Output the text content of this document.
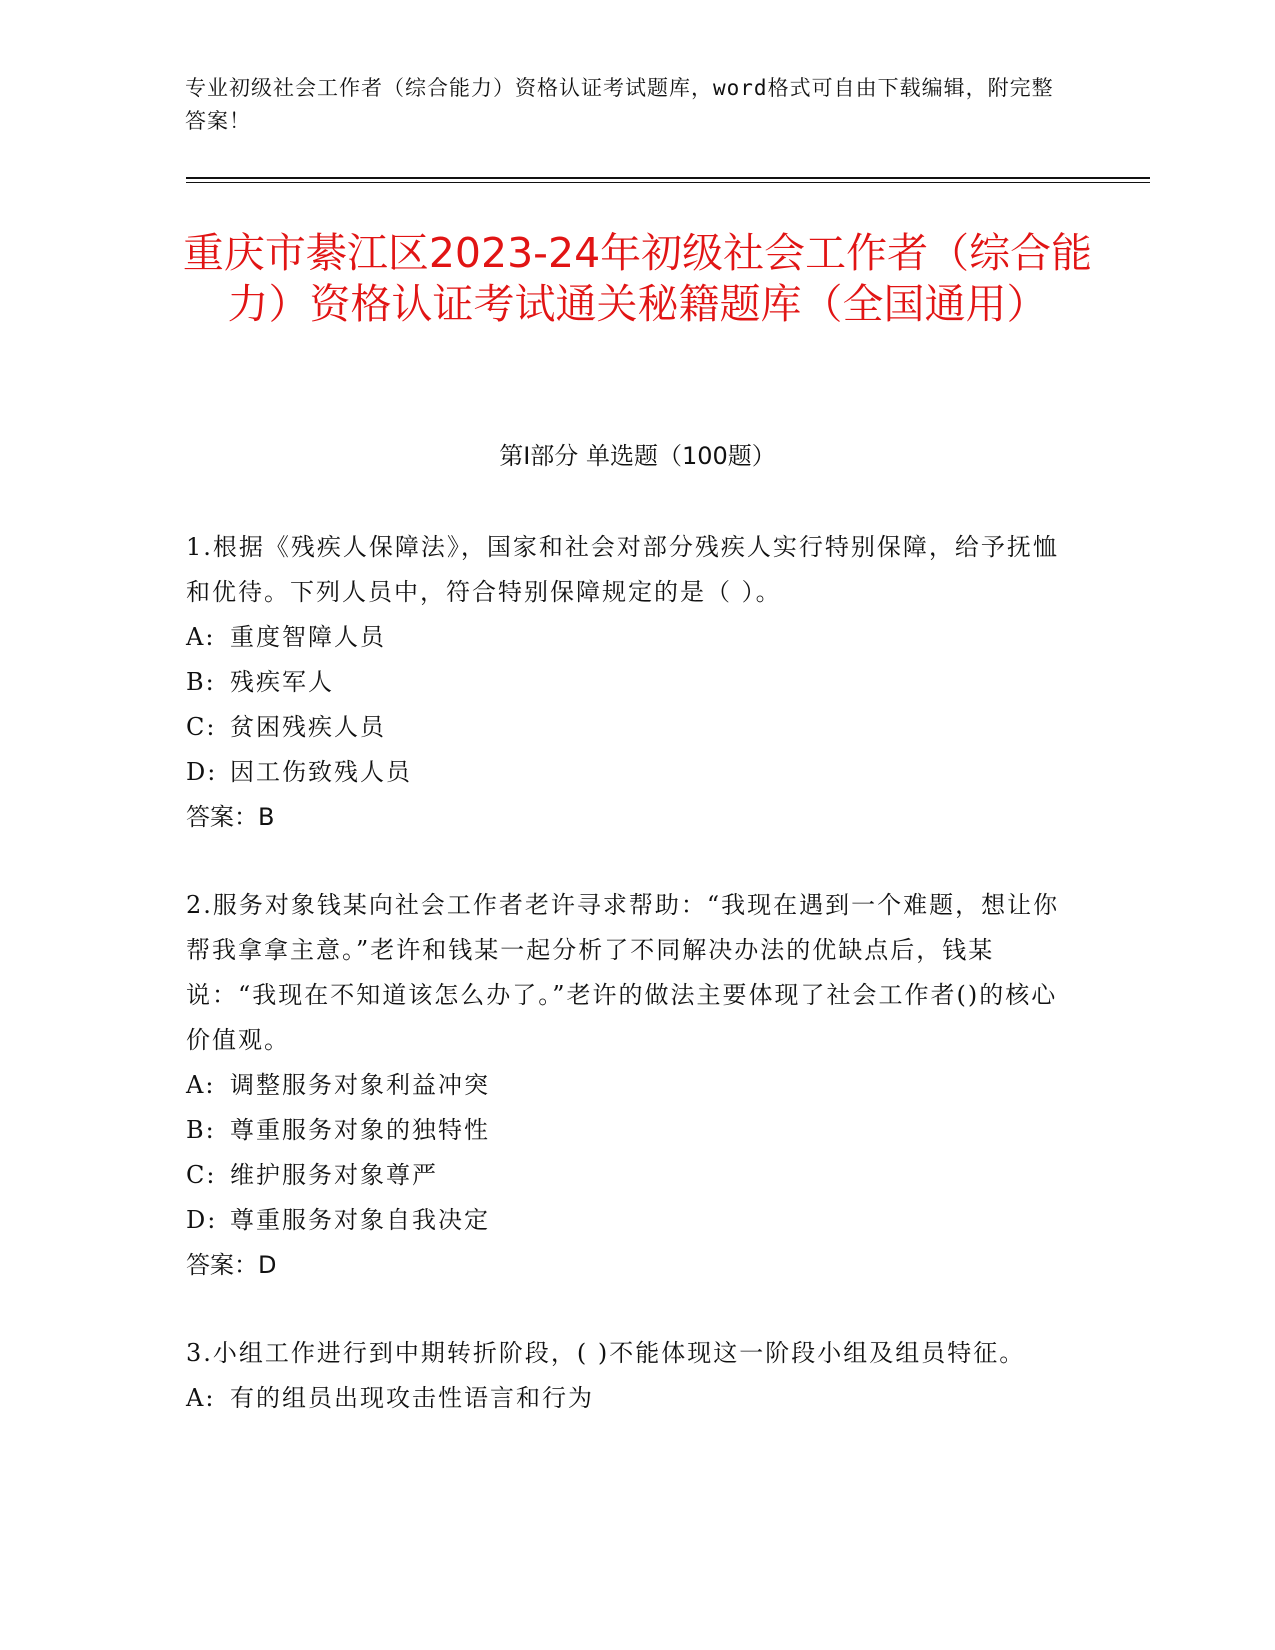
专业初级社会工作者（综合能力）资格认证考试题库，word格式可自由下载编辑，附完整答案！
重庆市綦江区2023-24年初级社会工作者（综合能力）资格认证考试通关秘籍题库（全国通用）
第Ⅰ部分 单选题（100题）
1.根据《残疾人保障法》，国家和社会对部分残疾人实行特别保障，给予抚恤和优待。下列人员中，符合特别保障规定的是（ ）。
A: 重度智障人员
B: 残疾军人
C: 贫困残疾人员
D: 因工伤致残人员
答案：B
2.服务对象钱某向社会工作者老许寻求帮助：“我现在遇到一个难题，想让你帮我拿拿主意。”老许和钱某一起分析了不同解决办法的优缺点后，钱某说：“我现在不知道该怎么办了。”老许的做法主要体现了社会工作者()的核心价值观。
A: 调整服务对象利益冲突
B: 尊重服务对象的独特性
C: 维护服务对象尊严
D: 尊重服务对象自我决定
答案：D
3.小组工作进行到中期转折阶段，( )不能体现这一阶段小组及组员特征。
A: 有的组员出现攻击性语言和行为
